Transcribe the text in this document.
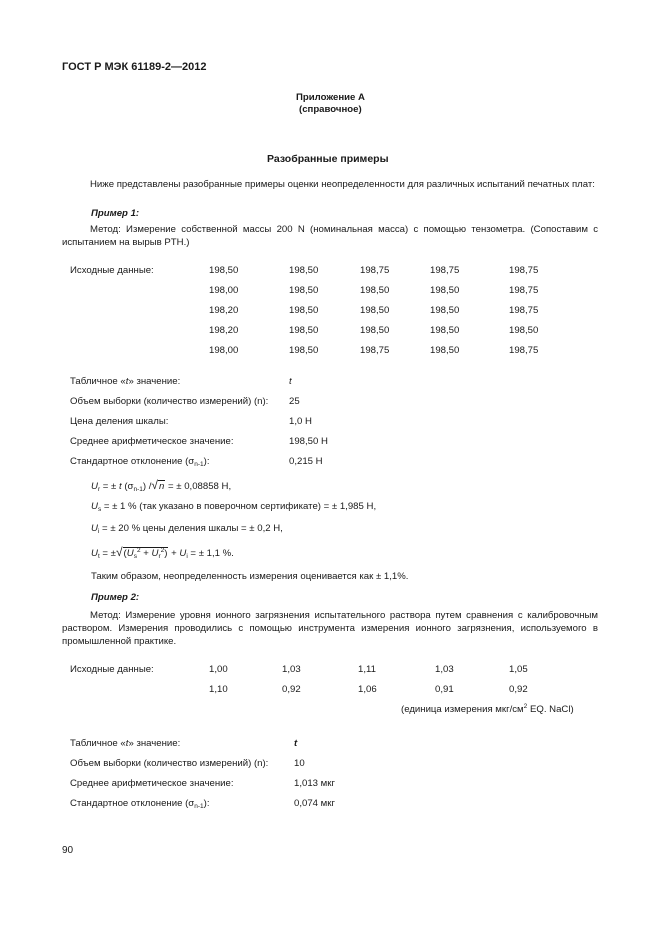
ГОСТ Р МЭК 61189-2—2012
Приложение А
(справочное)
Разобранные примеры
Ниже представлены разобранные примеры оценки неопределенности для различных испытаний печатных плат:
Пример 1:
Метод: Измерение собственной массы 200 N (номинальная масса) с помощью тензометра. (Сопоставим с испытанием на вырыв PTH.)
Исходные данные:	198,50	198,50	198,75	198,75	198,75
198,00	198,50	198,50	198,50	198,75
198,20	198,50	198,50	198,50	198,75
198,20	198,50	198,50	198,50	198,50
198,00	198,50	198,75	198,50	198,75
Табличное «t» значение:	t
Объем выборки (количество измерений) (n): 25
Цена деления шкалы:	1,0 Н
Среднее арифметическое значение:	198,50 Н
Стандартное отклонение $(\sigma_{n-1})$:	0,215 Н
$U_r$ = ± t $(\sigma_{n-1}) /√n$ = ± 0,08858 Н,
$U_s$ = ± 1 % (так указано в поверочном сертификате) = ± 1,985 Н,
$U_i$ = ± 20 % цены деления шкалы = ± 0,2 Н,
$U_t = \pm√(U_s^2 + U_r^2) + U_i$ = ± 1,1 %.
Таким образом, неопределенность измерения оценивается как ± 1,1%.
Пример 2:
Метод: Измерение уровня ионного загрязнения испытательного раствора путем сравнения с калибровочным раствором. Измерения проводились с помощью инструмента измерения ионного загрязнения, используемого в промышленной практике.
Исходные данные:	1,00	1,03	1,11	1,03	1,05
1,10	0,92	1,06	0,91	0,92
(единица измерения мкг/$см^2$ EQ. NaCl)
Табличное «t» значение:	t
Объем выборки (количество измерений) (n):	10
Среднее арифметическое значение:	1,013 мкг
Стандартное отклонение $(\sigma_{n-1})$:	0,074 мкг
90
